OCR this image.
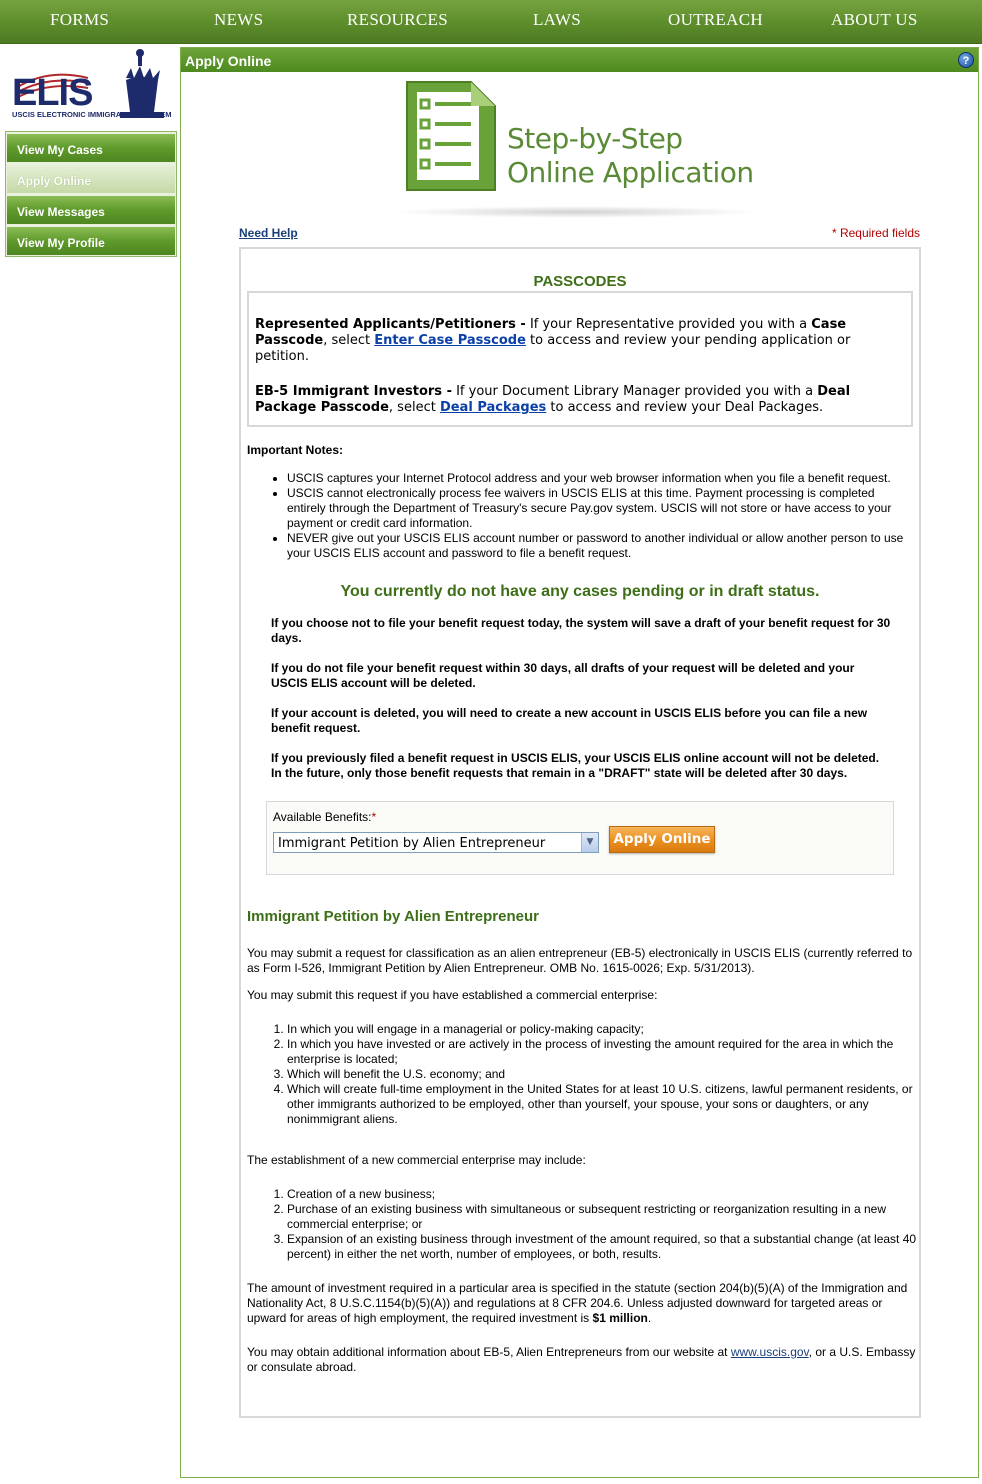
FORMS	NEWS	RESOURCES	LAWS	OUTREACH	ABOUT US
ELIS
USCIS ELECTRONIC IMMIGRATION SYSTEM
View My Cases
Apply Online
View Messages
View My Profile
Apply Online	?
Step-by-Step
Online Application
Need Help	* Required fields
PASSCODES

Represented Applicants/Petitioners - If your Representative provided you with a Case Passcode, select Enter Case Passcode to access and review your pending application or petition.

EB-5 Immigrant Investors - If your Document Library Manager provided you with a Deal Package Passcode, select Deal Packages to access and review your Deal Packages.

Important Notes:
• USCIS captures your Internet Protocol address and your web browser information when you file a benefit request.
• USCIS cannot electronically process fee waivers in USCIS ELIS at this time. Payment processing is completed entirely through the Department of Treasury's secure Pay.gov system. USCIS will not store or have access to your payment or credit card information.
• NEVER give out your USCIS ELIS account number or password to another individual or allow another person to use your USCIS ELIS account and password to file a benefit request.
You currently do not have any cases pending or in draft status.

If you choose not to file your benefit request today, the system will save a draft of your benefit request for 30 days.

If you do not file your benefit request within 30 days, all drafts of your request will be deleted and your USCIS ELIS account will be deleted.

If your account is deleted, you will need to create a new account in USCIS ELIS before you can file a new benefit request.

If you previously filed a benefit request in USCIS ELIS, your USCIS ELIS online account will not be deleted. In the future, only those benefit requests that remain in a "DRAFT" state will be deleted after 30 days.

Available Benefits:*
Immigrant Petition by Alien Entrepreneur	▼	Apply Online
Immigrant Petition by Alien Entrepreneur
You may submit a request for classification as an alien entrepreneur (EB-5) electronically in USCIS ELIS (currently referred to as Form I-526, Immigrant Petition by Alien Entrepreneur. OMB No. 1615-0026; Exp. 5/31/2013).
You may submit this request if you have established a commercial enterprise:
1. In which you will engage in a managerial or policy-making capacity;
2. In which you have invested or are actively in the process of investing the amount required for the area in which the enterprise is located;
3. Which will benefit the U.S. economy; and
4. Which will create full-time employment in the United States for at least 10 U.S. citizens, lawful permanent residents, or other immigrants authorized to be employed, other than yourself, your spouse, your sons or daughters, or any nonimmigrant aliens.
The establishment of a new commercial enterprise may include:
1. Creation of a new business;
2. Purchase of an existing business with simultaneous or subsequent restricting or reorganization resulting in a new commercial enterprise; or
3. Expansion of an existing business through investment of the amount required, so that a substantial change (at least 40 percent) in either the net worth, number of employees, or both, results.
The amount of investment required in a particular area is specified in the statute (section 204(b)(5)(A) of the Immigration and Nationality Act, 8 U.S.C.1154(b)(5)(A)) and regulations at 8 CFR 204.6. Unless adjusted downward for targeted areas or upward for areas of high employment, the required investment is $1 million.
You may obtain additional information about EB-5, Alien Entrepreneurs from our website at www.uscis.gov, or a U.S. Embassy or consulate abroad.
